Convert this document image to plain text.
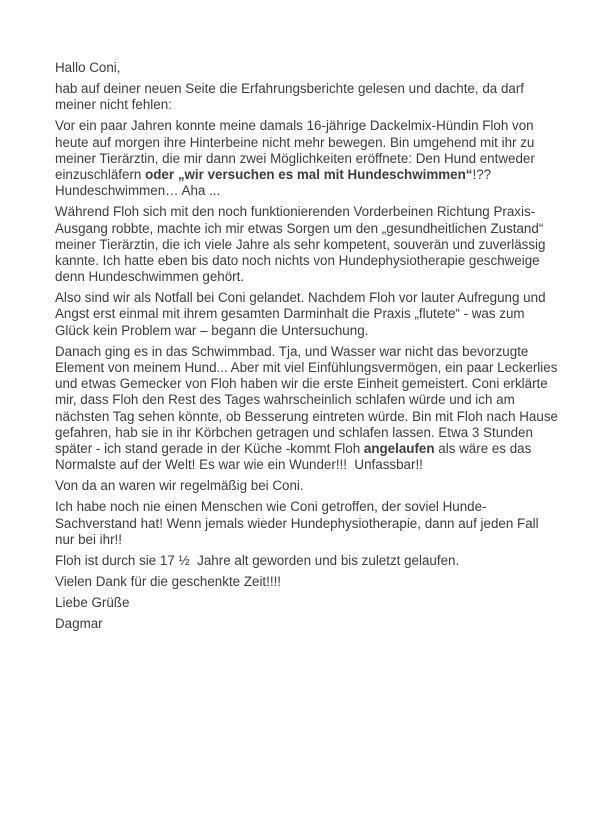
Hallo Coni,

hab auf deiner neuen Seite die Erfahrungsberichte gelesen und dachte, da darf
meiner nicht fehlen:

Vor ein paar Jahren konnte meine damals 16-jährige Dackelmix-Hündin Floh von
heute auf morgen ihre Hinterbeine nicht mehr bewegen. Bin umgehend mit ihr zu
meiner Tierärztin, die mir dann zwei Möglichkeiten eröffnete: Den Hund entweder
einzuschläfern oder „wir versuchen es mal mit Hundeschwimmen“!??
Hundeschwimmen… Aha ...

Während Floh sich mit den noch funktionierenden Vorderbeinen Richtung Praxis-
Ausgang robbte, machte ich mir etwas Sorgen um den „gesundheitlichen Zustand“
meiner Tierärztin, die ich viele Jahre als sehr kompetent, souverän und zuverlässig
kannte. Ich hatte eben bis dato noch nichts von Hundephysiotherapie geschweige
denn Hundeschwimmen gehört.

Also sind wir als Notfall bei Coni gelandet. Nachdem Floh vor lauter Aufregung und
Angst erst einmal mit ihrem gesamten Darminhalt die Praxis „flutete“ - was zum
Glück kein Problem war – begann die Untersuchung.

Danach ging es in das Schwimmbad. Tja, und Wasser war nicht das bevorzugte
Element von meinem Hund... Aber mit viel Einfühlungsvermögen, ein paar Leckerlies
und etwas Gemecker von Floh haben wir die erste Einheit gemeistert. Coni erklärte
mir, dass Floh den Rest des Tages wahrscheinlich schlafen würde und ich am
nächsten Tag sehen könnte, ob Besserung eintreten würde. Bin mit Floh nach Hause
gefahren, hab sie in ihr Körbchen getragen und schlafen lassen. Etwa 3 Stunden
später - ich stand gerade in der Küche -kommt Floh angelaufen als wäre es das
Normalste auf der Welt! Es war wie ein Wunder!!!  Unfassbar!!

Von da an waren wir regelmäßig bei Coni.

Ich habe noch nie einen Menschen wie Coni getroffen, der soviel Hunde-
Sachverstand hat! Wenn jemals wieder Hundephysiotherapie, dann auf jeden Fall
nur bei ihr!!

Floh ist durch sie 17 ½  Jahre alt geworden und bis zuletzt gelaufen.

Vielen Dank für die geschenkte Zeit!!!!

Liebe Grüße

Dagmar
